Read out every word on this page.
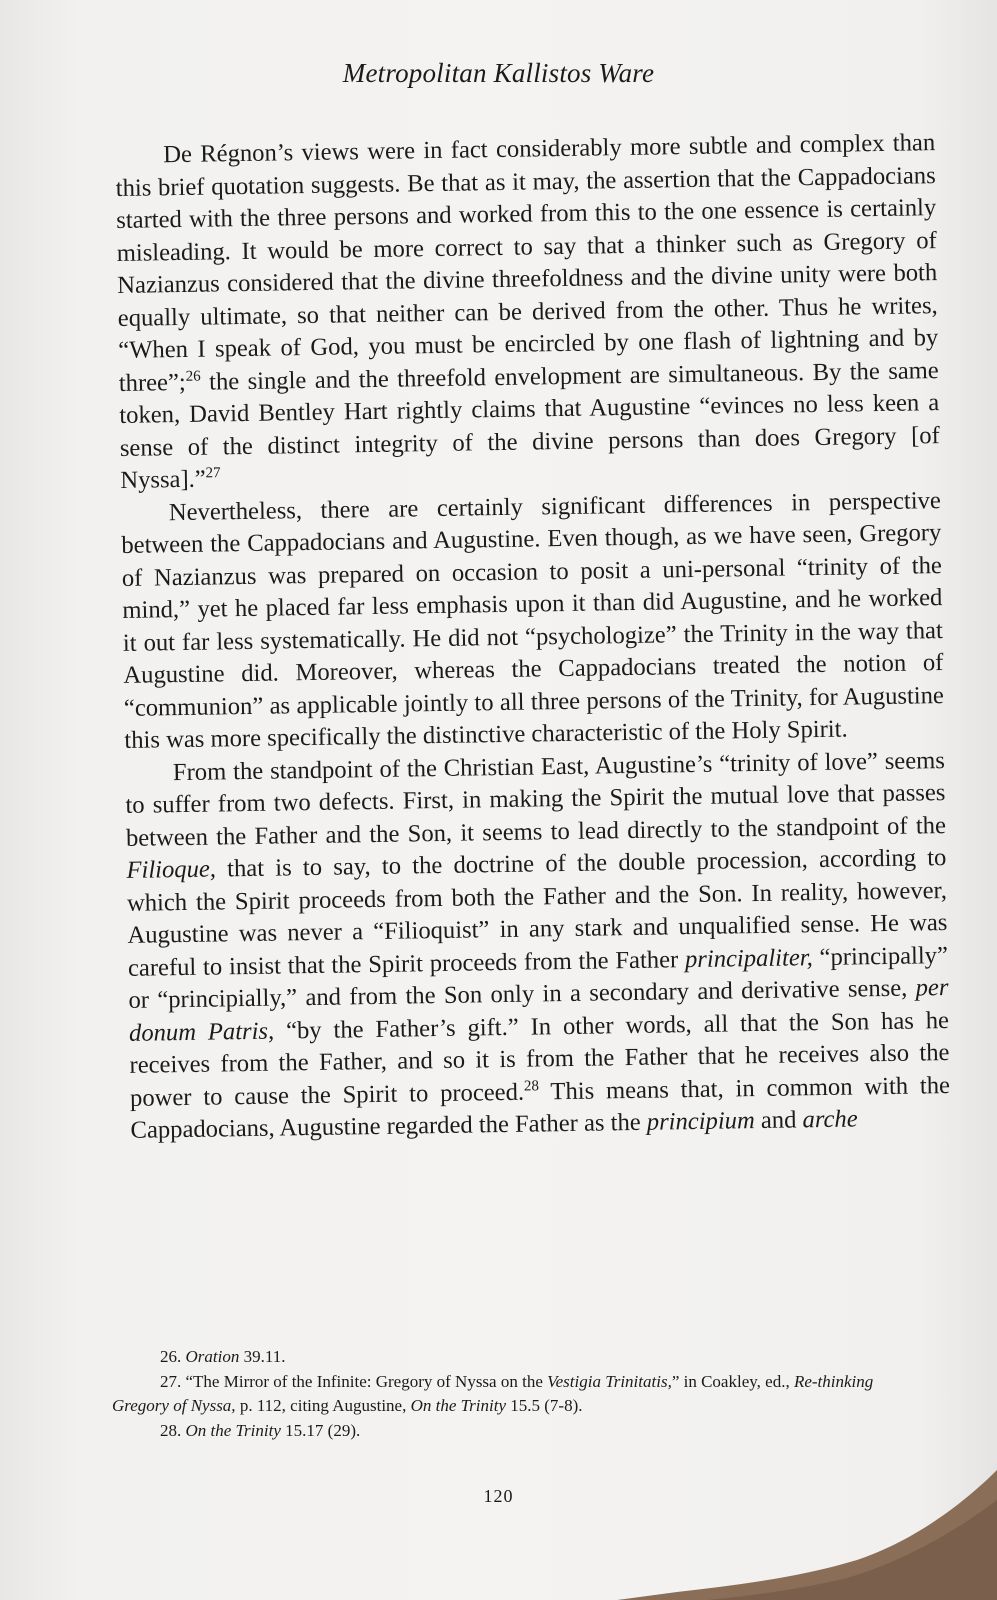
Metropolitan Kallistos Ware

De Régnon’s views were in fact considerably more subtle and complex than this brief quotation suggests. Be that as it may, the assertion that the Cappadocians started with the three persons and worked from this to the one essence is certainly misleading. It would be more correct to say that a thinker such as Gregory of Nazianzus considered that the divine threefoldness and the divine unity were both equally ultimate, so that neither can be derived from the other. Thus he writes, “When I speak of God, you must be encircled by one flash of lightning and by three”;$^{26}$ the single and the threefold envelopment are simultaneous. By the same token, David Bentley Hart rightly claims that Augustine “evinces no less keen a sense of the distinct integrity of the divine persons than does Gregory [of Nyssa].”$^{27}$

Nevertheless, there are certainly significant differences in perspective between the Cappadocians and Augustine. Even though, as we have seen, Gregory of Nazianzus was prepared on occasion to posit a uni-personal “trinity of the mind,” yet he placed far less emphasis upon it than did Augustine, and he worked it out far less systematically. He did not “psychologize” the Trinity in the way that Augustine did. Moreover, whereas the Cappadocians treated the notion of “communion” as applicable jointly to all three persons of the Trinity, for Augustine this was more specifically the distinctive characteristic of the Holy Spirit.

From the standpoint of the Christian East, Augustine’s “trinity of love” seems to suffer from two defects. First, in making the Spirit the mutual love that passes between the Father and the Son, it seems to lead directly to the standpoint of the Filioque, that is to say, to the doctrine of the double procession, according to which the Spirit proceeds from both the Father and the Son. In reality, however, Augustine was never a “Filioquist” in any stark and unqualified sense. He was careful to insist that the Spirit proceeds from the Father principaliter, “principally” or “principially,” and from the Son only in a secondary and derivative sense, per donum Patris, “by the Father’s gift.” In other words, all that the Son has he receives from the Father, and so it is from the Father that he receives also the power to cause the Spirit to proceed.$^{28}$ This means that, in common with the Cappadocians, Augustine regarded the Father as the principium and arche

26. Oration 39.11.

27. “The Mirror of the Infinite: Gregory of Nyssa on the Vestigia Trinitatis,” in Coakley, ed., Re-thinking Gregory of Nyssa, p. 112, citing Augustine, On the Trinity 15.5 (7-8).

28. On the Trinity 15.17 (29).

120
